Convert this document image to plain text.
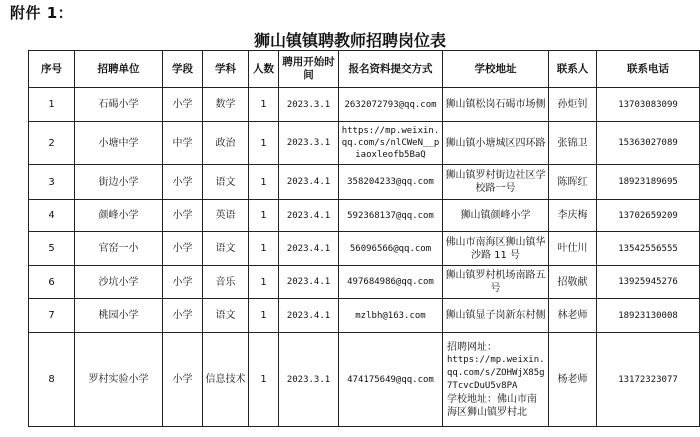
附件 1：
狮山镇镇聘教师招聘岗位表
序号	招聘单位	学段	学科	人数	聘用开始时间	报名资料提交方式	学校地址	联系人	联系电话
1	石碣小学	小学	数学	1	2023.3.1	2632072793@qq.com	狮山镇松岗石碣市场侧	孙炬钊	13703083099
2	小塘中学	中学	政治	1	2023.3.1	https://mp.weixin.qq.com/s/nlCWeN__piaoxleofb5BaQ	狮山镇小塘城区四环路	张锦卫	15363027089
3	街边小学	小学	语文	1	2023.4.1	358204233@qq.com	狮山镇罗村街边社区学校路一号	陈晖红	18923189695
4	颜峰小学	小学	英语	1	2023.4.1	592368137@qq.com	狮山镇颜峰小学	李庆梅	13702659209
5	官窑一小	小学	语文	1	2023.4.1	56096566@qq.com	佛山市南海区狮山镇华沙路 11 号	叶仕川	13542556555
6	沙坑小学	小学	音乐	1	2023.4.1	497684986@qq.com	狮山镇罗村机场南路五号	招敬献	13925945276
7	桃园小学	小学	语文	1	2023.4.1	mzlbh@163.com	狮山镇显子岗新东村侧	林老师	18923130008
8	罗村实验小学	小学	信息技术	1	2023.3.1	474175649@qq.com	招聘网址：
https://mp.weixin.qq.com/s/ZOHWjX85g7TcvcDuU5v8PA
学校地址：佛山市南海区狮山镇罗村北	杨老师	13172323077
